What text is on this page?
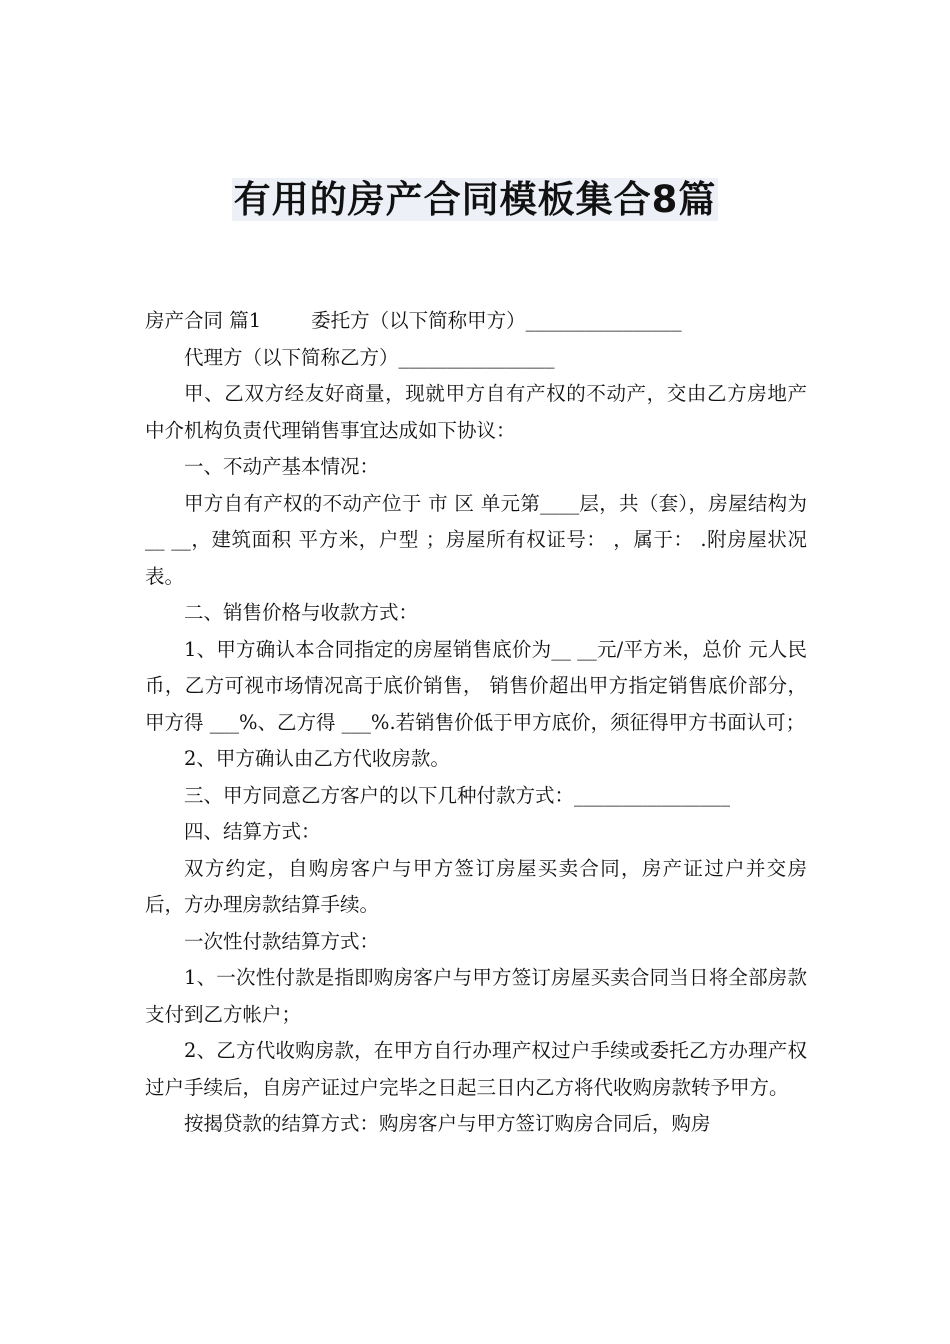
有用的房产合同模板集合8篇

房产合同 篇1	委托方（以下简称甲方）________________

代理方（以下简称乙方）________________

甲、乙双方经友好商量，现就甲方自有产权的不动产，交由乙方房地产中介机构负责代理销售事宜达成如下协议：

一、不动产基本情况：

甲方自有产权的不动产位于 市 区 单元第____层，共（套），房屋结构为__ __，建筑面积 平方米，户型 ；房屋所有权证号： ，属于： .附房屋状况表。

二、销售价格与收款方式：

1、甲方确认本合同指定的房屋销售底价为__ __元/平方米，总价 元人民币，乙方可视市场情况高于底价销售， 销售价超出甲方指定销售底价部分，甲方得 ___%、乙方得 ___%.若销售价低于甲方底价，须征得甲方书面认可；

2、甲方确认由乙方代收房款。

三、甲方同意乙方客户的以下几种付款方式：________________

四、结算方式：

双方约定，自购房客户与甲方签订房屋买卖合同，房产证过户并交房后，方办理房款结算手续。

一次性付款结算方式：

1、一次性付款是指即购房客户与甲方签订房屋买卖合同当日将全部房款支付到乙方帐户；

2、乙方代收购房款，在甲方自行办理产权过户手续或委托乙方办理产权过户手续后，自房产证过户完毕之日起三日内乙方将代收购房款转予甲方。

按揭贷款的结算方式：购房客户与甲方签订购房合同后，购房
